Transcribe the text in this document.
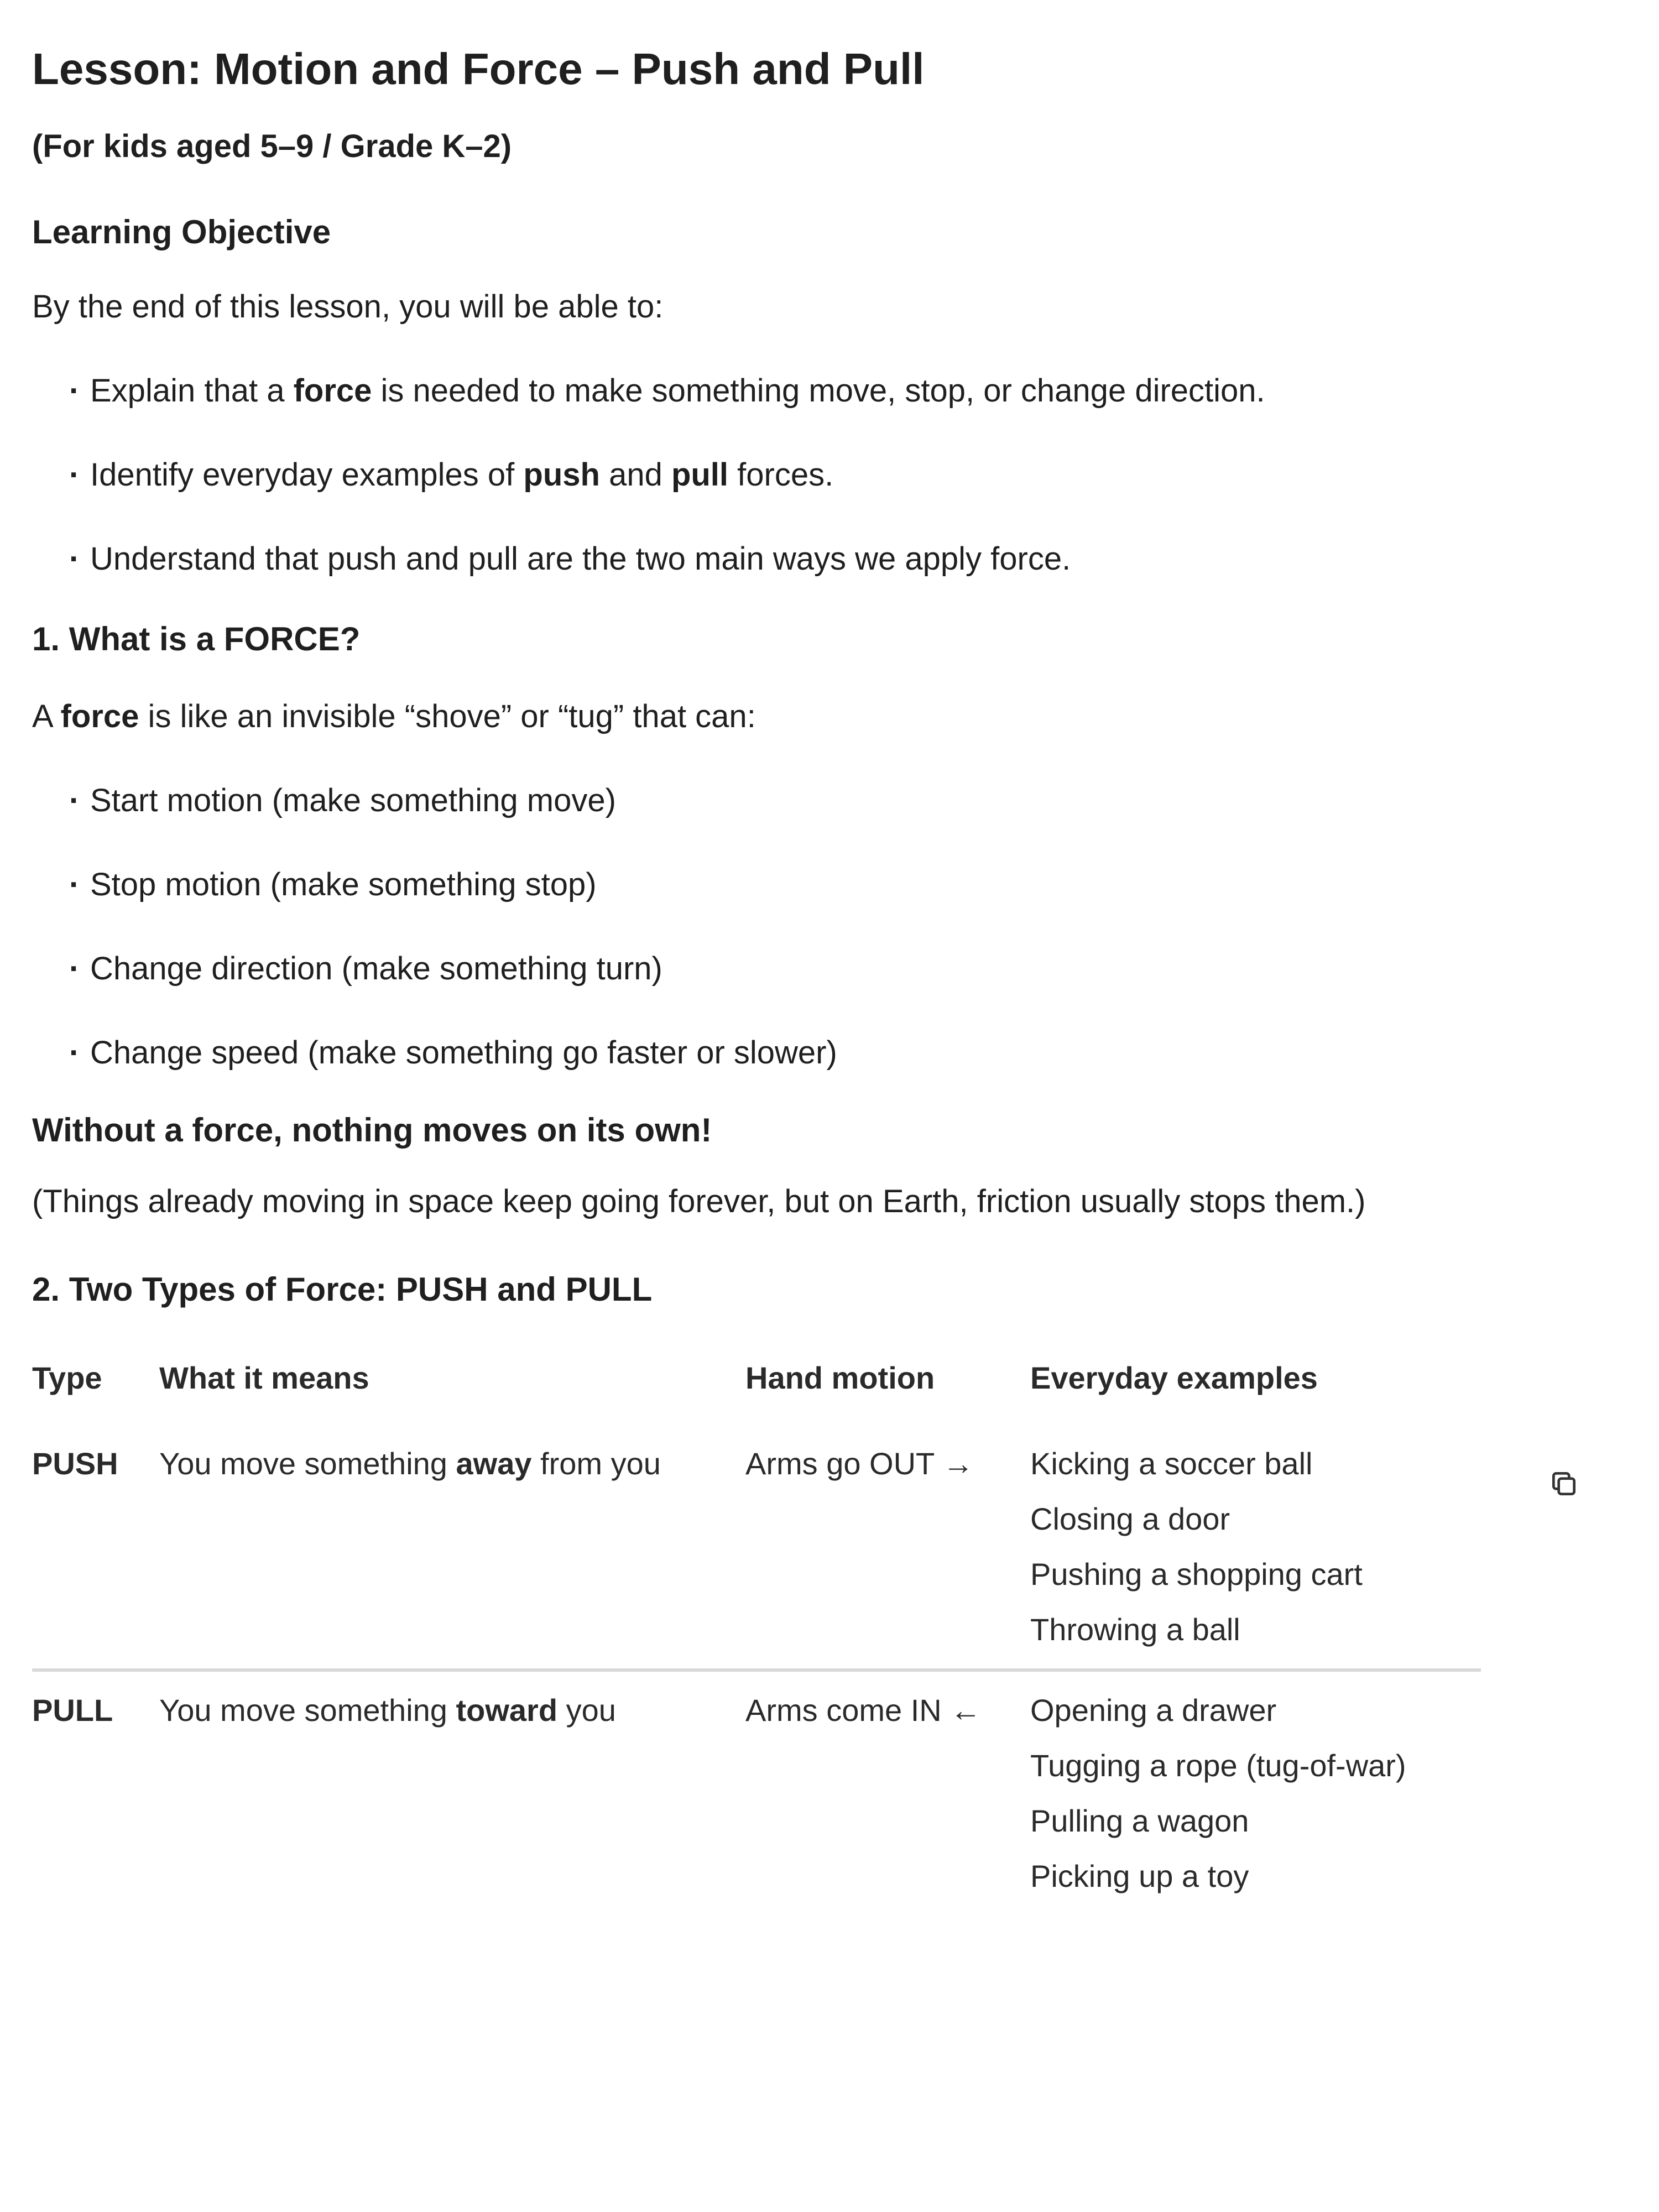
Lesson: Motion and Force – Push and Pull
(For kids aged 5–9 / Grade K–2)
Learning Objective
By the end of this lesson, you will be able to:
· Explain that a force is needed to make something move, stop, or change direction.
· Identify everyday examples of push and pull forces.
· Understand that push and pull are the two main ways we apply force.
1. What is a FORCE?
A force is like an invisible “shove” or “tug” that can:
· Start motion (make something move)
· Stop motion (make something stop)
· Change direction (make something turn)
· Change speed (make something go faster or slower)
Without a force, nothing moves on its own!
(Things already moving in space keep going forever, but on Earth, friction usually stops them.)
2. Two Types of Force: PUSH and PULL
Type	What it means	Hand motion	Everyday examples
PUSH	You move something away from you	Arms go OUT →	Kicking a soccer ball
Closing a door
Pushing a shopping cart
Throwing a ball

PULL	You move something toward you	Arms come IN ←	Opening a drawer
Tugging a rope (tug-of-war)
Pulling a wagon
Picking up a toy
